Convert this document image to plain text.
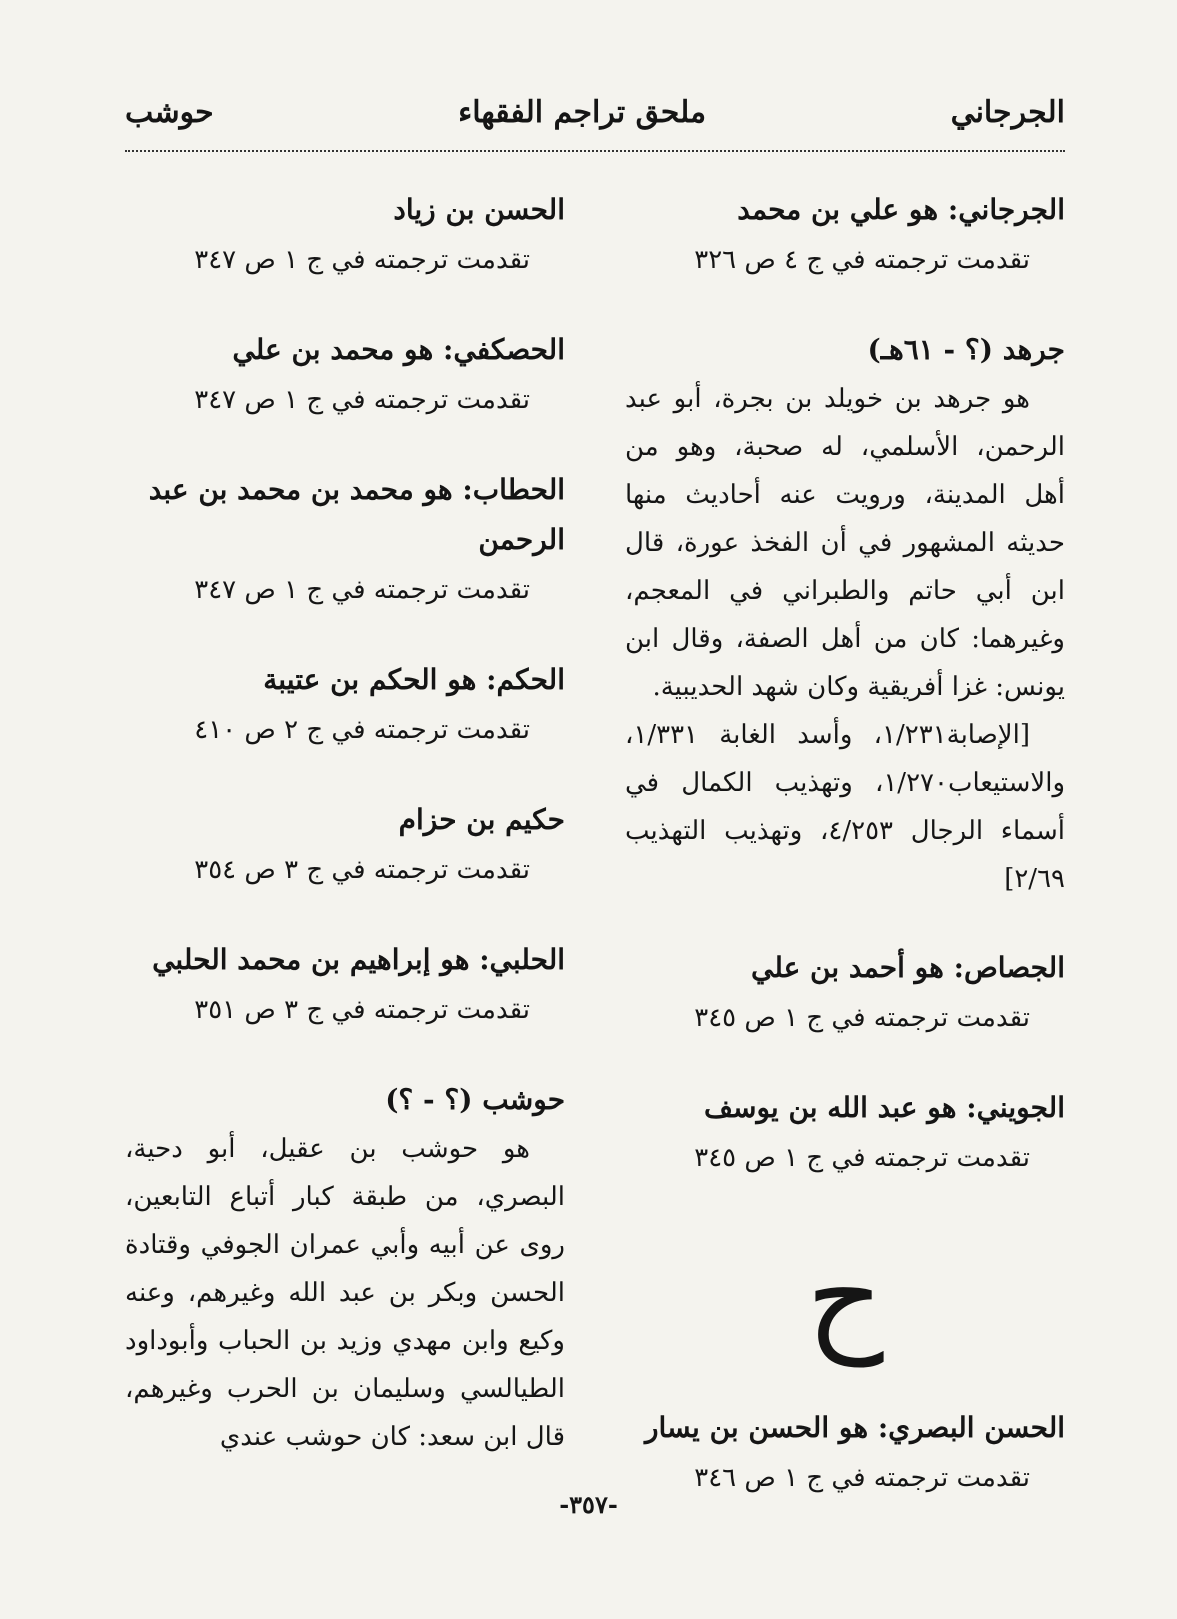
الجرجاني
ملحق تراجم الفقهاء
حوشب

الجرجاني: هو علي بن محمد

تقدمت ترجمته في ج ٤ ص ٣٢٦

جرهد (؟ - ٦١هـ)

هو جرهد بن خويلد بن بجرة، أبو عبد الرحمن، الأسلمي، له صحبة، وهو من أهل المدينة، ورويت عنه أحاديث منها حديثه المشهور في أن الفخذ عورة، قال ابن أبي حاتم والطبراني في المعجم، وغيرهما: كان من أهل الصفة، وقال ابن يونس: غزا أفريقية وكان شهد الحديبية.

[الإصابة١/٢٣١، وأسد الغابة ١/٣٣١، والاستيعاب١/٢٧٠، وتهذيب الكمال في أسماء الرجال ٤/٢٥٣، وتهذيب التهذيب ٢/٦٩]

الجصاص: هو أحمد بن علي

تقدمت ترجمته في ج ١ ص ٣٤٥

الجويني: هو عبد الله بن يوسف

تقدمت ترجمته في ج ١ ص ٣٤٥

ح

الحسن البصري: هو الحسن بن يسار

تقدمت ترجمته في ج ١ ص ٣٤٦

الحسن بن زياد

تقدمت ترجمته في ج ١ ص ٣٤٧

الحصكفي: هو محمد بن علي

تقدمت ترجمته في ج ١ ص ٣٤٧

الحطاب: هو محمد بن محمد بن عبد الرحمن

تقدمت ترجمته في ج ١ ص ٣٤٧

الحكم: هو الحكم بن عتيبة

تقدمت ترجمته في ج ٢ ص ٤١٠

حكيم بن حزام

تقدمت ترجمته في ج ٣ ص ٣٥٤

الحلبي: هو إبراهيم بن محمد الحلبي

تقدمت ترجمته في ج ٣ ص ٣٥١

حوشب (؟ - ؟)

هو حوشب بن عقيل، أبو دحية، البصري، من طبقة كبار أتباع التابعين، روى عن أبيه وأبي عمران الجوفي وقتادة الحسن وبكر بن عبد الله وغيرهم، وعنه وكيع وابن مهدي وزيد بن الحباب وأبوداود الطيالسي وسليمان بن الحرب وغيرهم، قال ابن سعد: كان حوشب عندي

-٣٥٧-
